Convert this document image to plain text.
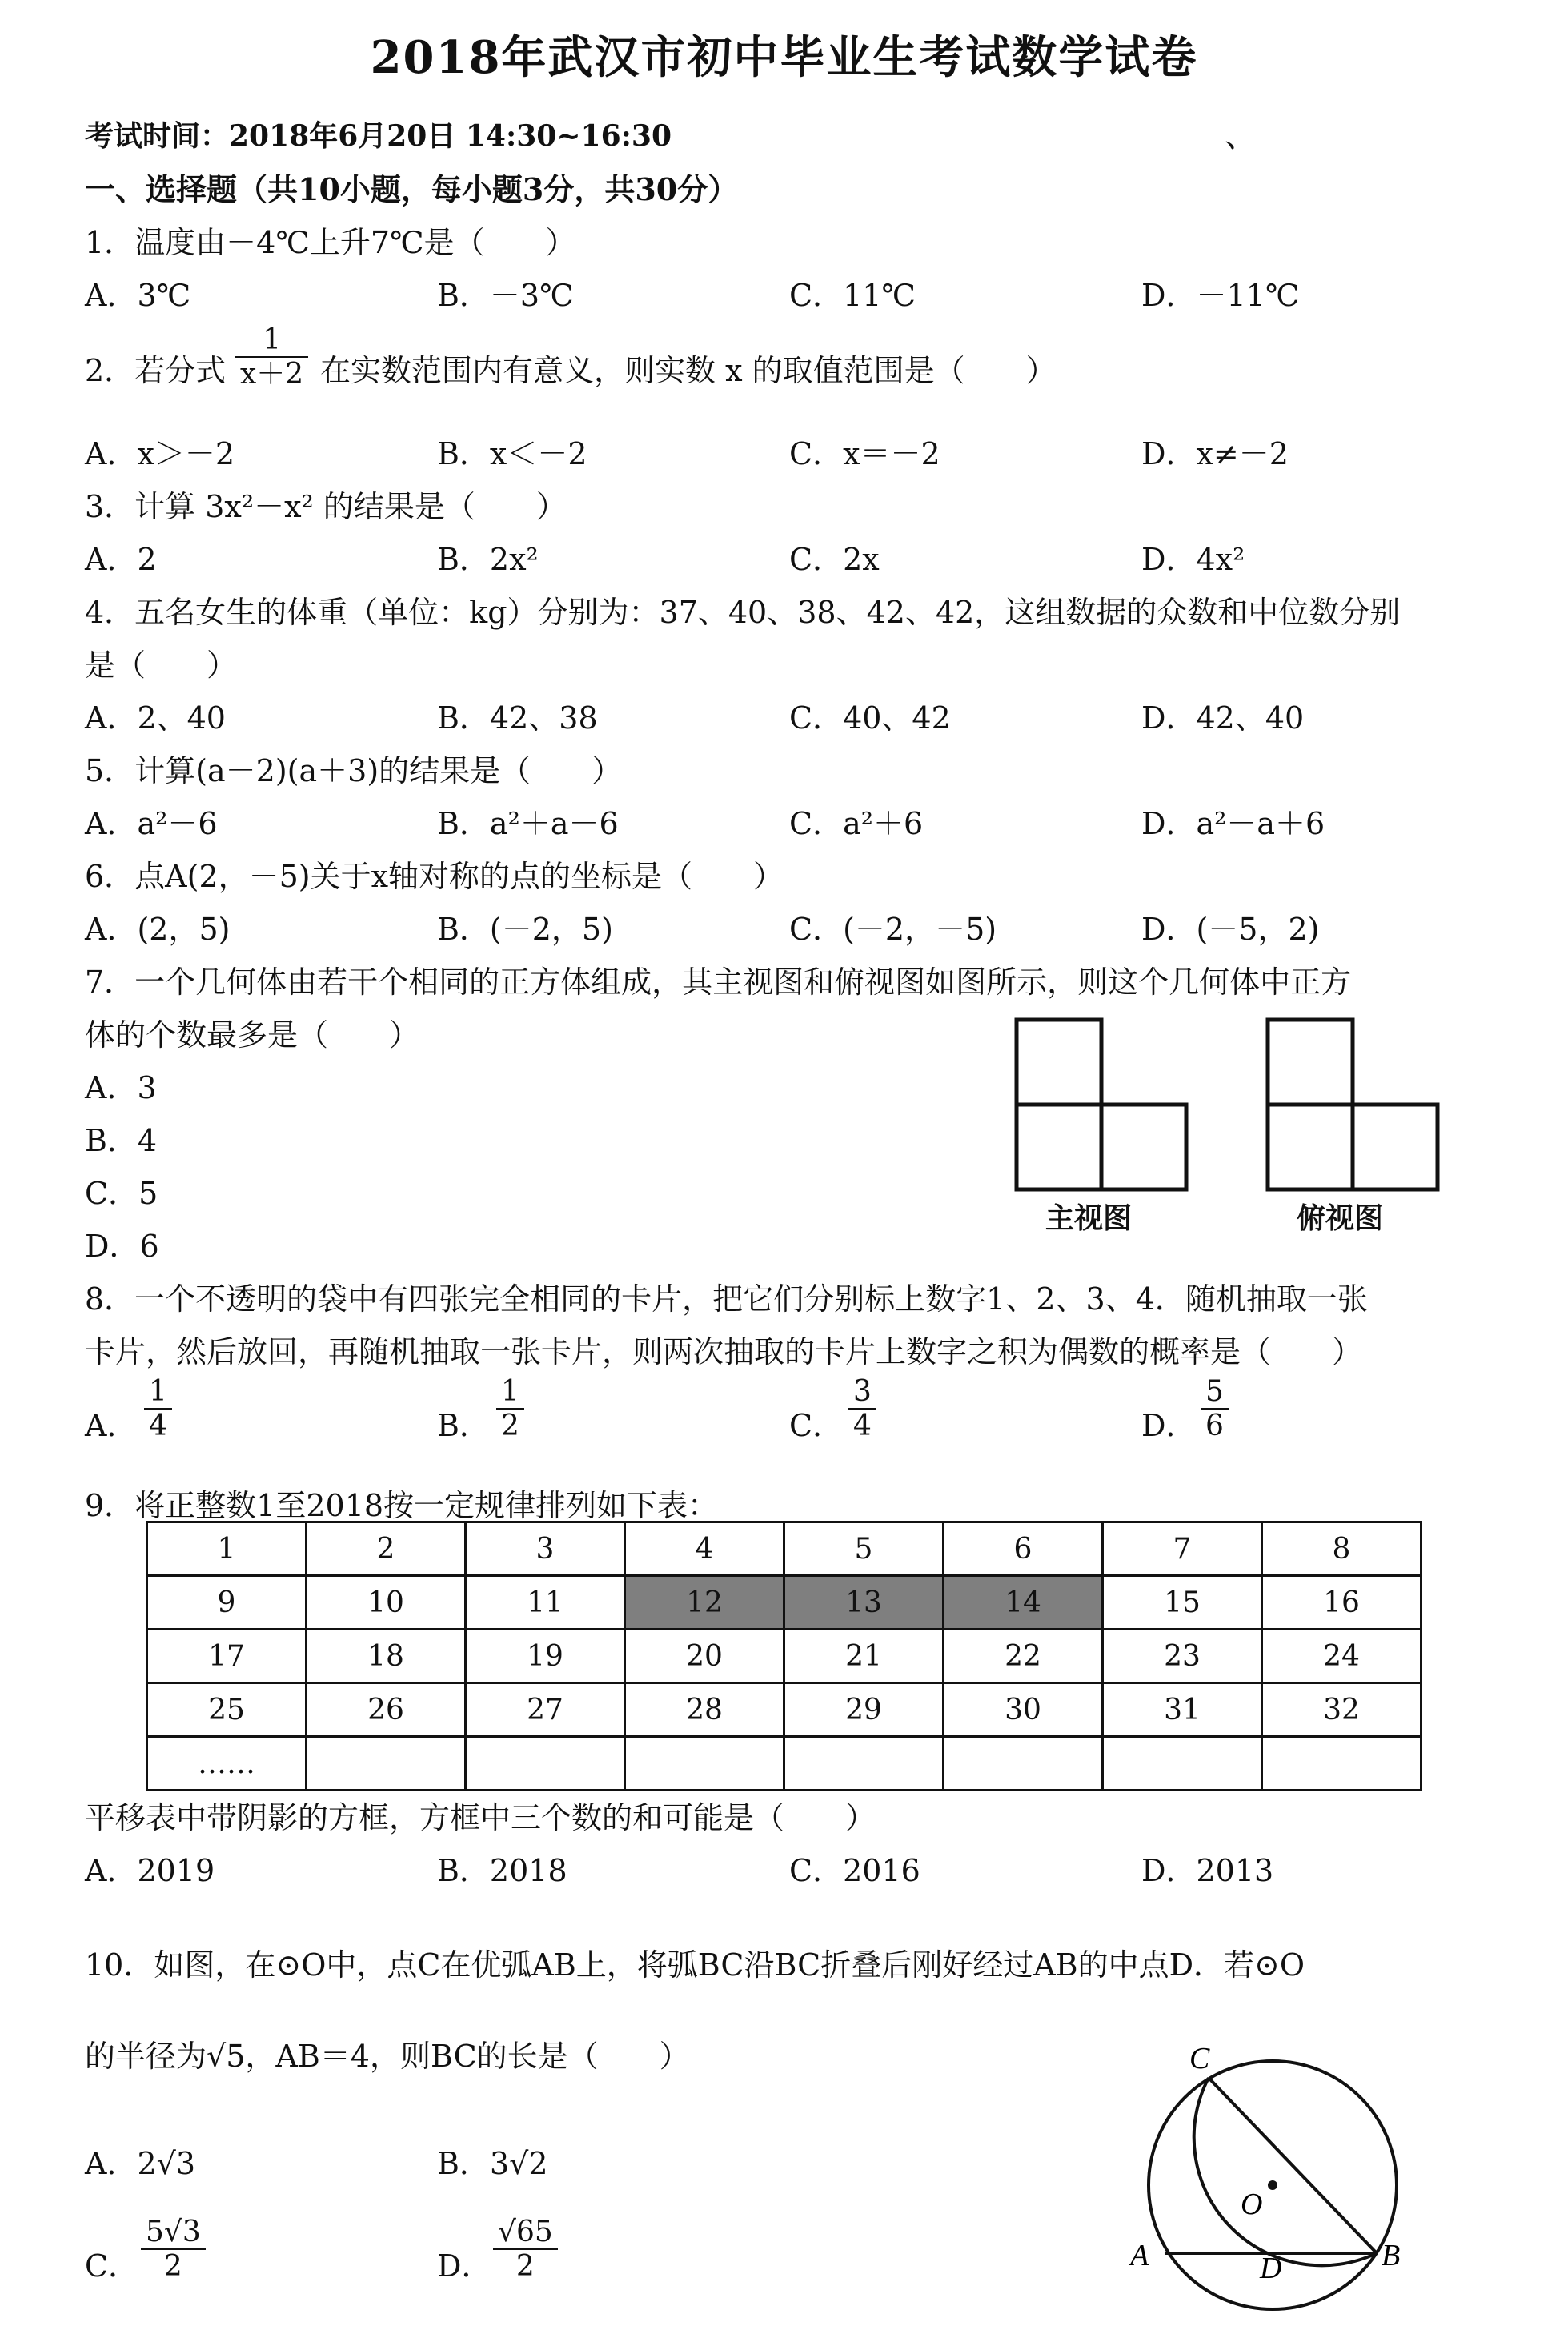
2018年武汉市初中毕业生考试数学试卷
考试时间：2018年6月20日 14:30~16:30	、
一、选择题（共10小题，每小题3分，共30分）
1．温度由－4℃上升7℃是（　　）
A．3℃	B．－3℃	C．11℃	D．－11℃
2．若分式 $\frac{1}{x+2}$ 在实数范围内有意义，则实数 x 的取值范围是（　　）
A．x＞－2	B．x＜－2	C．x＝－2	D．x≠－2
3．计算 3x²－x² 的结果是（　　）
A．2	B．2x²	C．2x	D．4x²
4．五名女生的体重（单位：kg）分别为：37、40、38、42、42，这组数据的众数和中位数分别
是（　　）
A．2、40	B．42、38	C．40、42	D．42、40
5．计算(a－2)(a＋3)的结果是（　　）
A．a²－6	B．a²＋a－6	C．a²＋6	D．a²－a＋6
6．点A(2，－5)关于x轴对称的点的坐标是（　　）
A．(2，5)	B．(－2，5)	C．(－2，－5)	D．(－5，2)
7．一个几何体由若干个相同的正方体组成，其主视图和俯视图如图所示，则这个几何体中正方
体的个数最多是（　　）
A．3
B．4
C．5
D．6
主视图	俯视图
8．一个不透明的袋中有四张完全相同的卡片，把它们分别标上数字1、2、3、4．随机抽取一张
卡片，然后放回，再随机抽取一张卡片，则两次抽取的卡片上数字之积为偶数的概率是（　　）
A． $\frac{1}{4}$	B． $\frac{1}{2}$	C． $\frac{3}{4}$	D． $\frac{5}{6}$
9．将正整数1至2018按一定规律排列如下表：
1	2	3	4	5	6	7	8
9	10	11	12	13	14	15	16
17	18	19	20	21	22	23	24
25	26	27	28	29	30	31	32
……							
平移表中带阴影的方框，方框中三个数的和可能是（　　）
A．2019	B．2018	C．2016	D．2013
10．如图，在⊙O中，点C在优弧AB上，将弧BC沿BC折叠后刚好经过AB的中点D．若⊙O
的半径为√5，AB＝4，则BC的长是（　　）
A．2√3	B．3√2
C． $\frac{5√3}{2}$	D． $\frac{√65}{2}$
C
O
A	D	B
